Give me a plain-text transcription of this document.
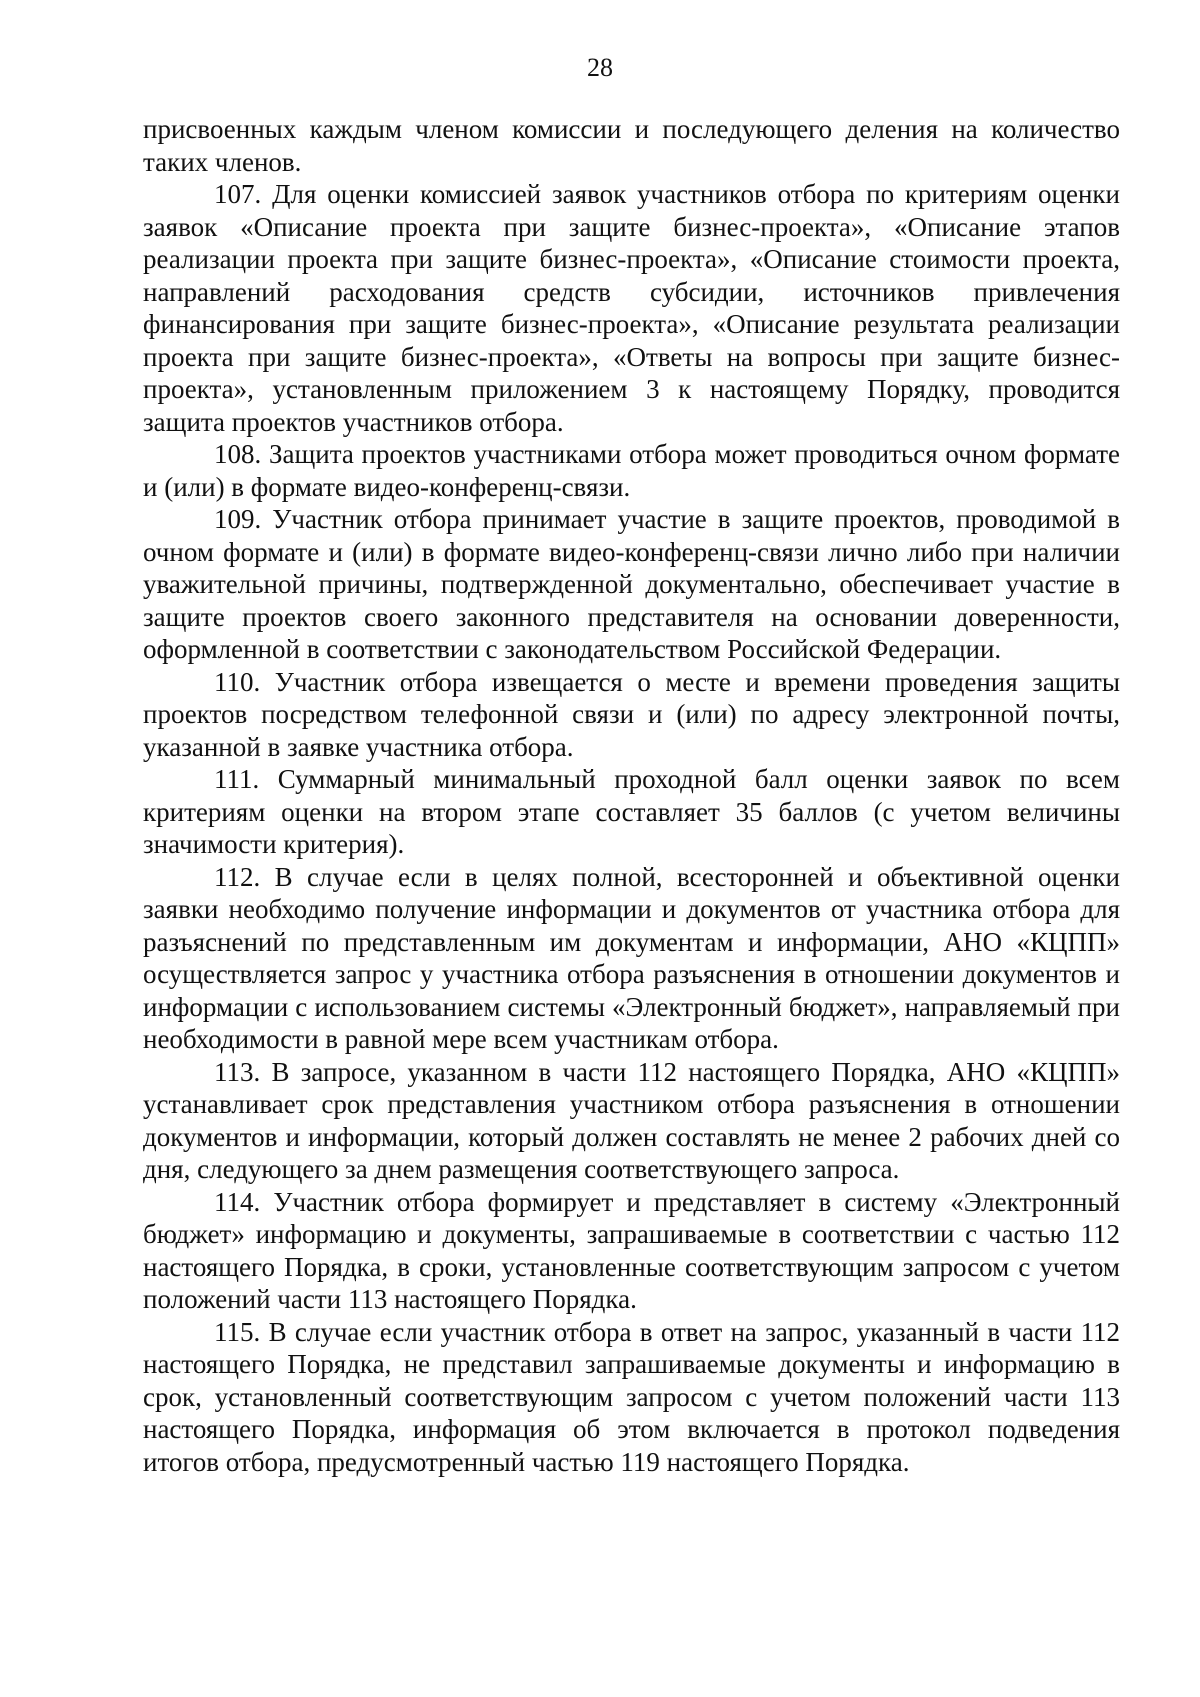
28

присвоенных каждым членом комиссии и последующего деления на количество таких членов.

107. Для оценки комиссией заявок участников отбора по критериям оценки заявок «Описание проекта при защите бизнес-проекта», «Описание этапов реализации проекта при защите бизнес-проекта», «Описание стоимости проекта, направлений расходования средств субсидии, источников привлечения финансирования при защите бизнес-проекта», «Описание результата реализации проекта при защите бизнес-проекта», «Ответы на вопросы при защите бизнес-проекта», установленным приложением 3 к настоящему Порядку, проводится защита проектов участников отбора.

108. Защита проектов участниками отбора может проводиться очном формате и (или) в формате видео-конференц-связи.

109. Участник отбора принимает участие в защите проектов, проводимой в очном формате и (или) в формате видео-конференц-связи лично либо при наличии уважительной причины, подтвержденной документально, обеспечивает участие в защите проектов своего законного представителя на основании доверенности, оформленной в соответствии с законодательством Российской Федерации.

110. Участник отбора извещается о месте и времени проведения защиты проектов посредством телефонной связи и (или) по адресу электронной почты, указанной в заявке участника отбора.

111. Суммарный минимальный проходной балл оценки заявок по всем критериям оценки на втором этапе составляет 35 баллов (с учетом величины значимости критерия).

112. В случае если в целях полной, всесторонней и объективной оценки заявки необходимо получение информации и документов от участника отбора для разъяснений по представленным им документам и информации, АНО «КЦПП» осуществляется запрос у участника отбора разъяснения в отношении документов и информации с использованием системы «Электронный бюджет», направляемый при необходимости в равной мере всем участникам отбора.

113. В запросе, указанном в части 112 настоящего Порядка, АНО «КЦПП» устанавливает срок представления участником отбора разъяснения в отношении документов и информации, который должен составлять не менее 2 рабочих дней со дня, следующего за днем размещения соответствующего запроса.

114. Участник отбора формирует и представляет в систему «Электронный бюджет» информацию и документы, запрашиваемые в соответствии с частью 112 настоящего Порядка, в сроки, установленные соответствующим запросом с учетом положений части 113 настоящего Порядка.

115. В случае если участник отбора в ответ на запрос, указанный в части 112 настоящего Порядка, не представил запрашиваемые документы и информацию в срок, установленный соответствующим запросом с учетом положений части 113 настоящего Порядка, информация об этом включается в протокол подведения итогов отбора, предусмотренный частью 119 настоящего Порядка.
